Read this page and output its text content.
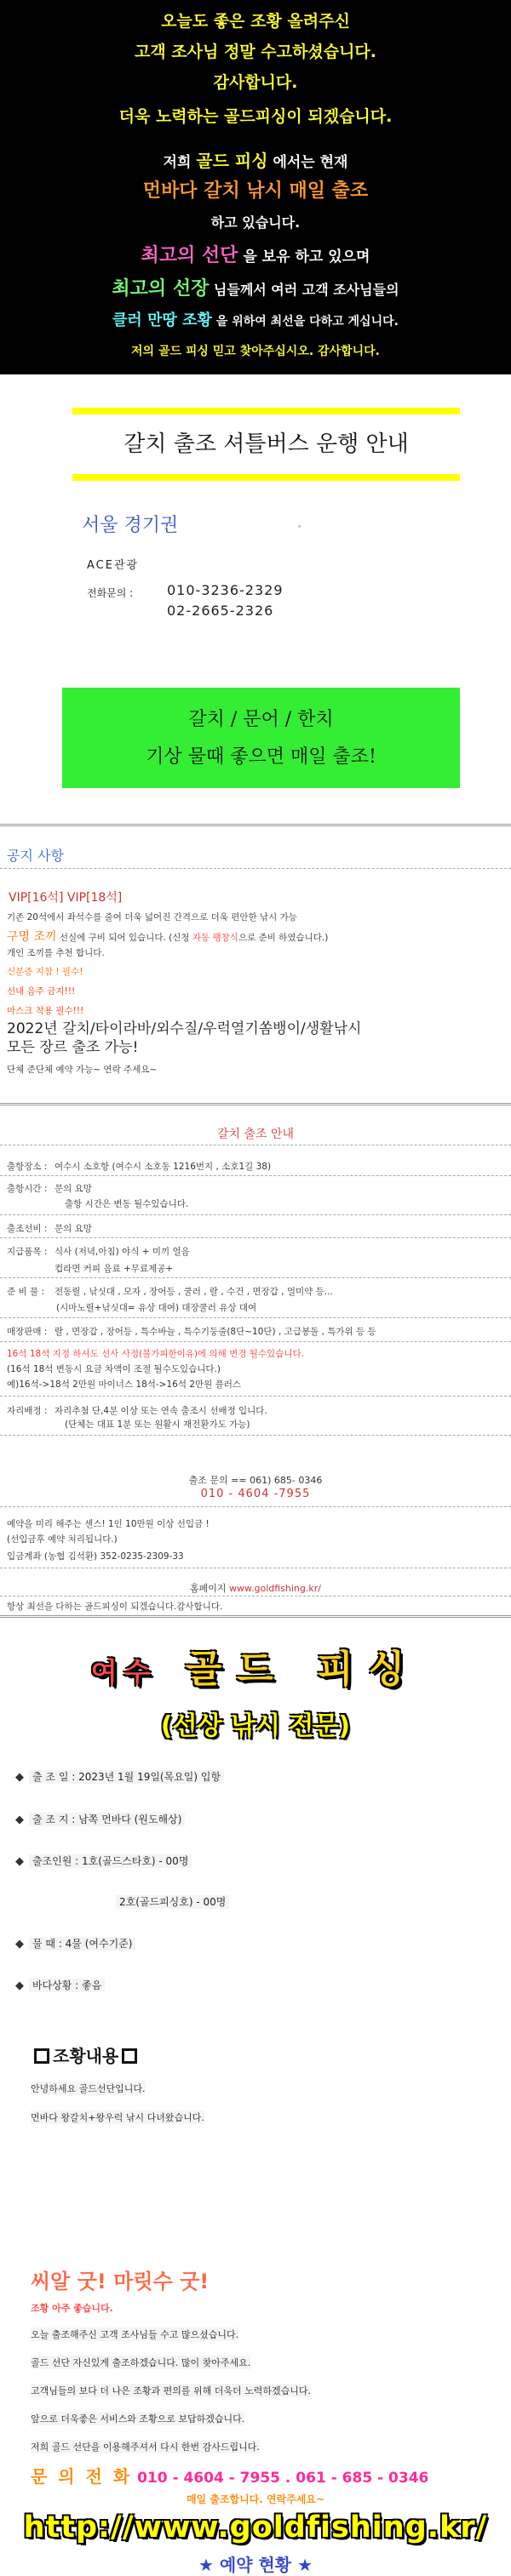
오늘도 좋은 조황 올려주신
고객 조사님 정말 수고하셨습니다.
감사합니다.
더욱 노력하는 골드피싱이 되겠습니다.
저희 골드 피싱 에서는 현재
먼바다 갈치 낚시 매일 출조
하고 있습니다.
최고의 선단 을 보유 하고 있으며
최고의 선장 님들께서 여러 고객 조사님들의
클러 만땅 조황 을 위하여 최선을 다하고 게십니다.
저의 골드 피싱 믿고 찾아주십시오. 감사합니다.
갈치 출조 셔틀버스 운행 안내
서울 경기권
ACE관광
전화문의 : 010-3236-2329
02-2665-2326
갈치 / 문어 / 한치
기상 물때 좋으면 매일 출조!
공지 사항
VIP[16석] VIP[18석]
기존 20석에서 좌석수를 줄여 더욱 넓어진 간격으로 더욱 편안한 낚시 가능
구명 조끼 선실에 구비 되어 있습니다. (신청 자동 팽창식으로 준비 하였습니다.)
개인 조끼를 추천 합니다.
신분증 지참 ! 필수!
선내 음주 금지!!!
마스크 착용 필수!!!
2022년 갈치/타이라바/외수질/우럭열기쏨뱅이/생활낚시
모든 장르 출조 가능!
단체 준단체 예약 가능~ 연락 주세요~
갈치 출조 안내
출항장소 : 여수시 소호항 (여수시 소호동 1216번지 , 소호1길 38)
출항시간 : 문의 요망
출항 시간은 변동 될수있습니다.
출조선비 : 문의 요망
지급품목 : 식사 (저녁,아침) 야식 + 미끼 얼음
컵라면 커피 음료 +무료제공+
준 비 물 : 전동릴 , 낚싯대 , 모자 , 장어등 , 쿨러 , 랄 , 수건 , 면장갑 , 멀미약 등...
(시마노릴+낚싯대= 유상 대여) 대장쿨러 유상 대여
매장판매 : 랄 , 면장갑 , 장어등 , 특수바늘 , 특수기둥줄(8단~10단) , 고급봉돌 , 특가위 등 등
16석 18석 지정 하셔도 선사 사정(불가피한이유)에 의해 변경 될수있습니다.
(16석 18석 변동시 요금 차액이 조절 될수도있습니다.)
예)16석->18석 2만원 마이너스 18석->16석 2만원 플러스
자리배정 : 자리추첨 단,4분 이상 또는 연속 출조시 선배정 입니다.
(단체는 대표 1분 또는 원활시 재전환가도 가능)
출조 문의 == 061) 685- 0346
010 - 4604 -7955
예약을 미리 해주는 센스! 1인 10만원 이상 선입금 !
(선입금후 예약 처리됩니다.)
입금계좌 (농협 김석환) 352-0235-2309-33
홈페이지 www.goldfishing.kr/
항상 최선을 다하는 골드피싱이 되겠습니다.감사합니다.
여수 골드 피싱
(선상 낚시 전문)
◆ 출 조 일 : 2023년 1월 19일(목요일) 입항
◆ 출 조 지 : 남쪽 먼바다 (원도해상)
◆ 출조인원 : 1호(골드스타호) - 00명
2호(골드피싱호) - 00명
◆ 물 때 : 4물 (여수기준)
◆ 바다상황 : 좋음
조황내용
안녕하세요 골드선단입니다.
먼바다 왕갈치+왕우럭 낚시 다녀왔습니다.
씨알 굿! 마릿수 굿!
조황 아주 좋습니다.
오늘 출조해주신 고객 조사님들 수고 많으셨습니다.
골드 선단 자신있게 출조하겠습니다. 많이 찾아주세요.
고객님들의 보다 더 나은 조황과 편의를 위해 더욱더 노력하겠습니다.
앞으로 더욱좋은 서비스와 조황으로 보답하겠습니다.
저희 골드 선단을 이용해주셔서 다시 한번 감사드립니다.
문 의 전 화 010 - 4604 - 7955 . 061 - 685 - 0346
매일 출조합니다. 연락주세요~
http://www.goldfishing.kr/
★ 예약 현황 ★
